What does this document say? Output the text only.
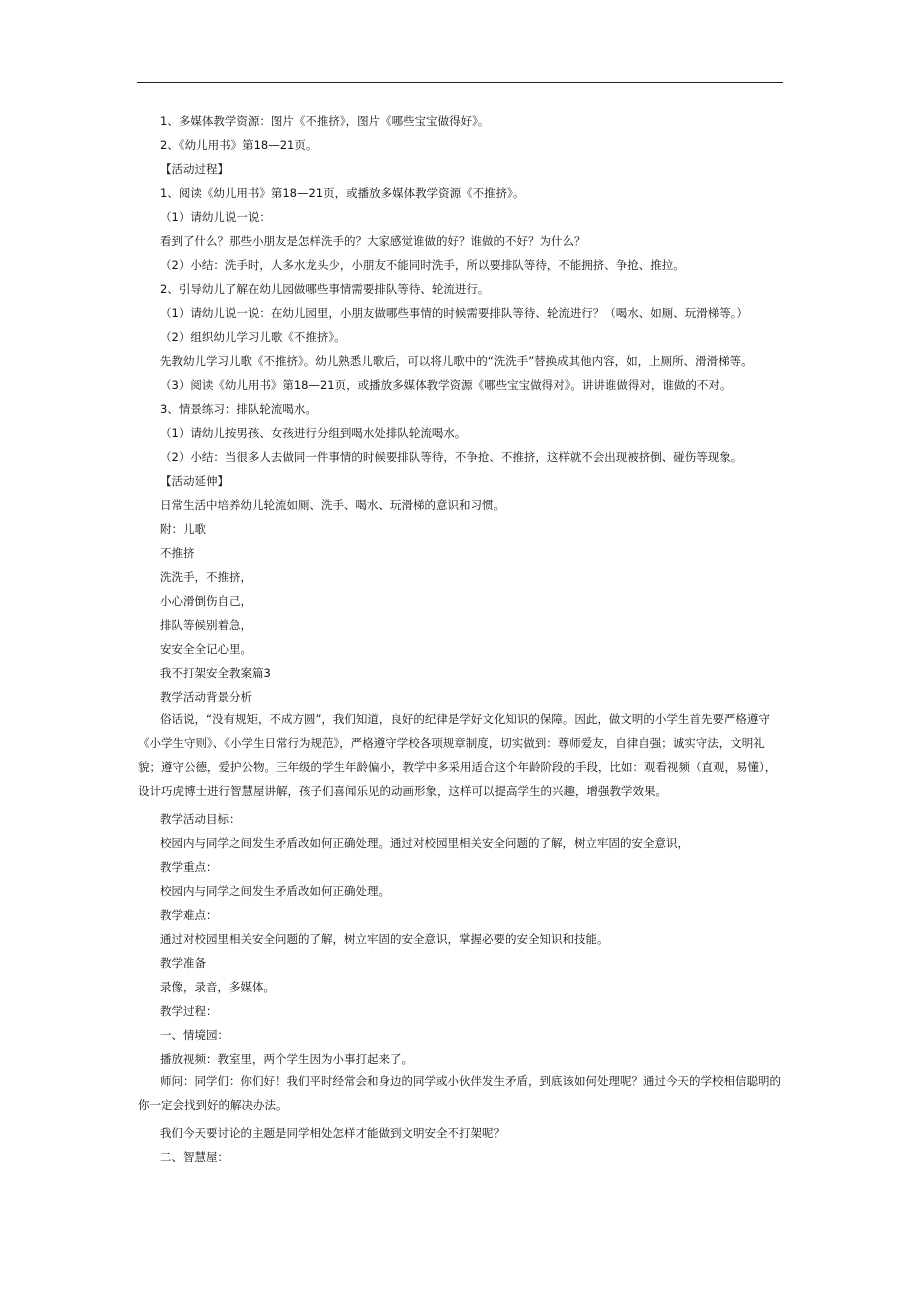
1、多媒体教学资源：图片《不推挤》，图片《哪些宝宝做得好》。

2、《幼儿用书》第18—21页。

【活动过程】

1、阅读《幼儿用书》第18—21页，或播放多媒体教学资源《不推挤》。

（1）请幼儿说一说：

看到了什么？那些小朋友是怎样洗手的？大家感觉谁做的好？谁做的不好？为什么？

（2）小结：洗手时，人多水龙头少，小朋友不能同时洗手，所以要排队等待，不能拥挤、争抢、推拉。

2、引导幼儿了解在幼儿园做哪些事情需要排队等待、轮流进行。

（1）请幼儿说一说：在幼儿园里，小朋友做哪些事情的时候需要排队等待、轮流进行？（喝水、如厕、玩滑梯等。）

（2）组织幼儿学习儿歌《不推挤》。

先教幼儿学习儿歌《不推挤》。幼儿熟悉儿歌后，可以将儿歌中的“洗洗手”替换成其他内容，如，上厕所、滑滑梯等。

（3）阅读《幼儿用书》第18—21页，或播放多媒体教学资源《哪些宝宝做得对》。讲讲谁做得对，谁做的不对。

3、情景练习：排队轮流喝水。

（1）请幼儿按男孩、女孩进行分组到喝水处排队轮流喝水。

（2）小结：当很多人去做同一件事情的时候要排队等待，不争抢、不推挤，这样就不会出现被挤倒、碰伤等现象。

【活动延伸】

日常生活中培养幼儿轮流如厕、洗手、喝水、玩滑梯的意识和习惯。

附：儿歌

不推挤

洗洗手，不推挤，

小心滑倒伤自己，

排队等候别着急，

安安全全记心里。

我不打架安全教案篇3

教学活动背景分析

俗话说，“没有规矩，不成方圆”，我们知道，良好的纪律是学好文化知识的保障。因此，做文明的小学生首先要严格遵守《小学生守则》、《小学生日常行为规范》，严格遵守学校各项规章制度，切实做到：尊师爱友，自律自强；诚实守法，文明礼貌；遵守公德，爱护公物。三年级的学生年龄偏小，教学中多采用适合这个年龄阶段的手段，比如：观看视频（直观，易懂），设计巧虎博士进行智慧屋讲解，孩子们喜闻乐见的动画形象，这样可以提高学生的兴趣，增强教学效果。

教学活动目标：

校园内与同学之间发生矛盾改如何正确处理。通过对校园里相关安全问题的了解，树立牢固的安全意识，

教学重点：

校园内与同学之间发生矛盾改如何正确处理。

教学难点：

通过对校园里相关安全问题的了解，树立牢固的安全意识，掌握必要的安全知识和技能。

教学准备

录像，录音，多媒体。

教学过程：

一、情境园：

播放视频：教室里，两个学生因为小事打起来了。

师问：同学们：你们好！我们平时经常会和身边的同学或小伙伴发生矛盾，到底该如何处理呢？通过今天的学校相信聪明的你一定会找到好的解决办法。

我们今天要讨论的主题是同学相处怎样才能做到文明安全不打架呢？

二、智慧屋：
